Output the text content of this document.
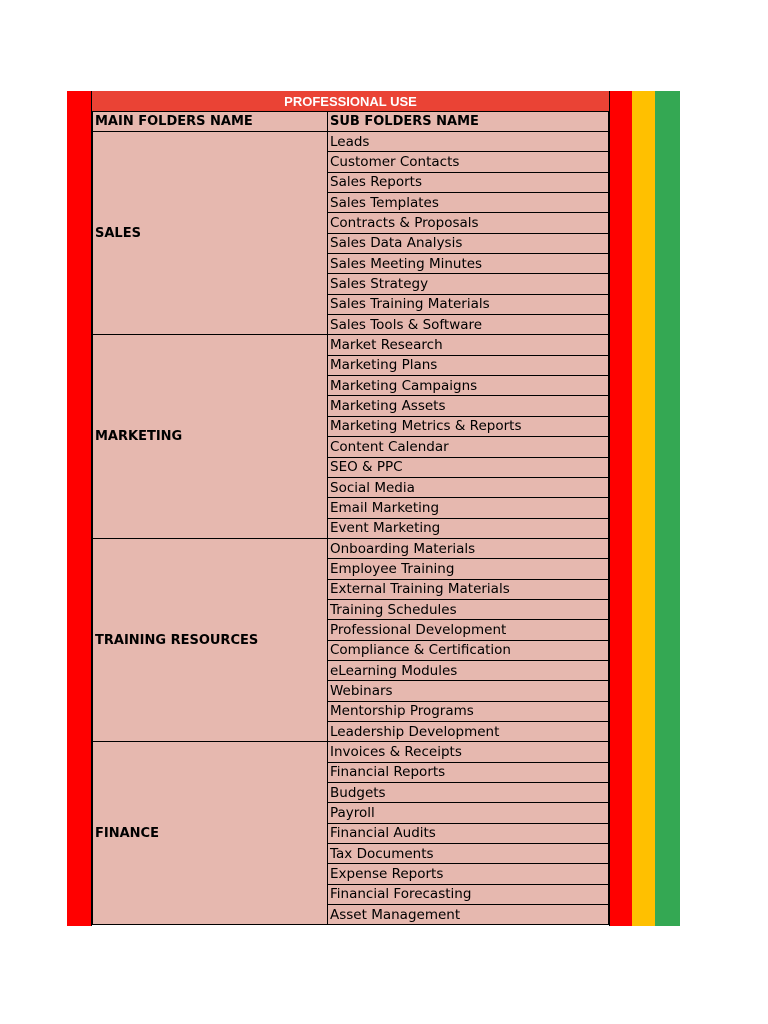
PROFESSIONAL USE
MAIN FOLDERS NAME	SUB FOLDERS NAME
SALES
Leads
Customer Contacts
Sales Reports
Sales Templates
Contracts & Proposals
Sales Data Analysis
Sales Meeting Minutes
Sales Strategy
Sales Training Materials
Sales Tools & Software
MARKETING
Market Research
Marketing Plans
Marketing Campaigns
Marketing Assets
Marketing Metrics & Reports
Content Calendar
SEO & PPC
Social Media
Email Marketing
Event Marketing
TRAINING RESOURCES
Onboarding Materials
Employee Training
External Training Materials
Training Schedules
Professional Development
Compliance & Certification
eLearning Modules
Webinars
Mentorship Programs
Leadership Development
FINANCE
Invoices & Receipts
Financial Reports
Budgets
Payroll
Financial Audits
Tax Documents
Expense Reports
Financial Forecasting
Asset Management
